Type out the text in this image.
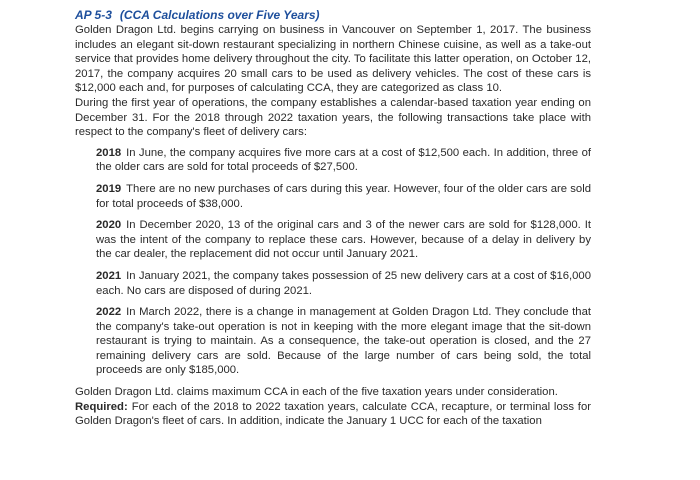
AP 5-3 (CCA Calculations over Five Years)

Golden Dragon Ltd. begins carrying on business in Vancouver on September 1, 2017. The business includes an elegant sit-down restaurant specializing in northern Chinese cuisine, as well as a take-out service that provides home delivery throughout the city. To facilitate this latter operation, on October 12, 2017, the company acquires 20 small cars to be used as delivery vehicles. The cost of these cars is $12,000 each and, for purposes of calculating CCA, they are categorized as class 10.

During the first year of operations, the company establishes a calendar-based taxation year ending on December 31. For the 2018 through 2022 taxation years, the following transactions take place with respect to the company's fleet of delivery cars:

2018 In June, the company acquires five more cars at a cost of $12,500 each. In addition, three of the older cars are sold for total proceeds of $27,500.

2019 There are no new purchases of cars during this year. However, four of the older cars are sold for total proceeds of $38,000.

2020 In December 2020, 13 of the original cars and 3 of the newer cars are sold for $128,000. It was the intent of the company to replace these cars. However, because of a delay in delivery by the car dealer, the replacement did not occur until January 2021.

2021 In January 2021, the company takes possession of 25 new delivery cars at a cost of $16,000 each. No cars are disposed of during 2021.

2022 In March 2022, there is a change in management at Golden Dragon Ltd. They conclude that the company's take-out operation is not in keeping with the more elegant image that the sit-down restaurant is trying to maintain. As a consequence, the take-out operation is closed, and the 27 remaining delivery cars are sold. Because of the large number of cars being sold, the total proceeds are only $185,000.

Golden Dragon Ltd. claims maximum CCA in each of the five taxation years under consideration.

Required: For each of the 2018 to 2022 taxation years, calculate CCA, recapture, or terminal loss for Golden Dragon's fleet of cars. In addition, indicate the January 1 UCC for each of the taxation
